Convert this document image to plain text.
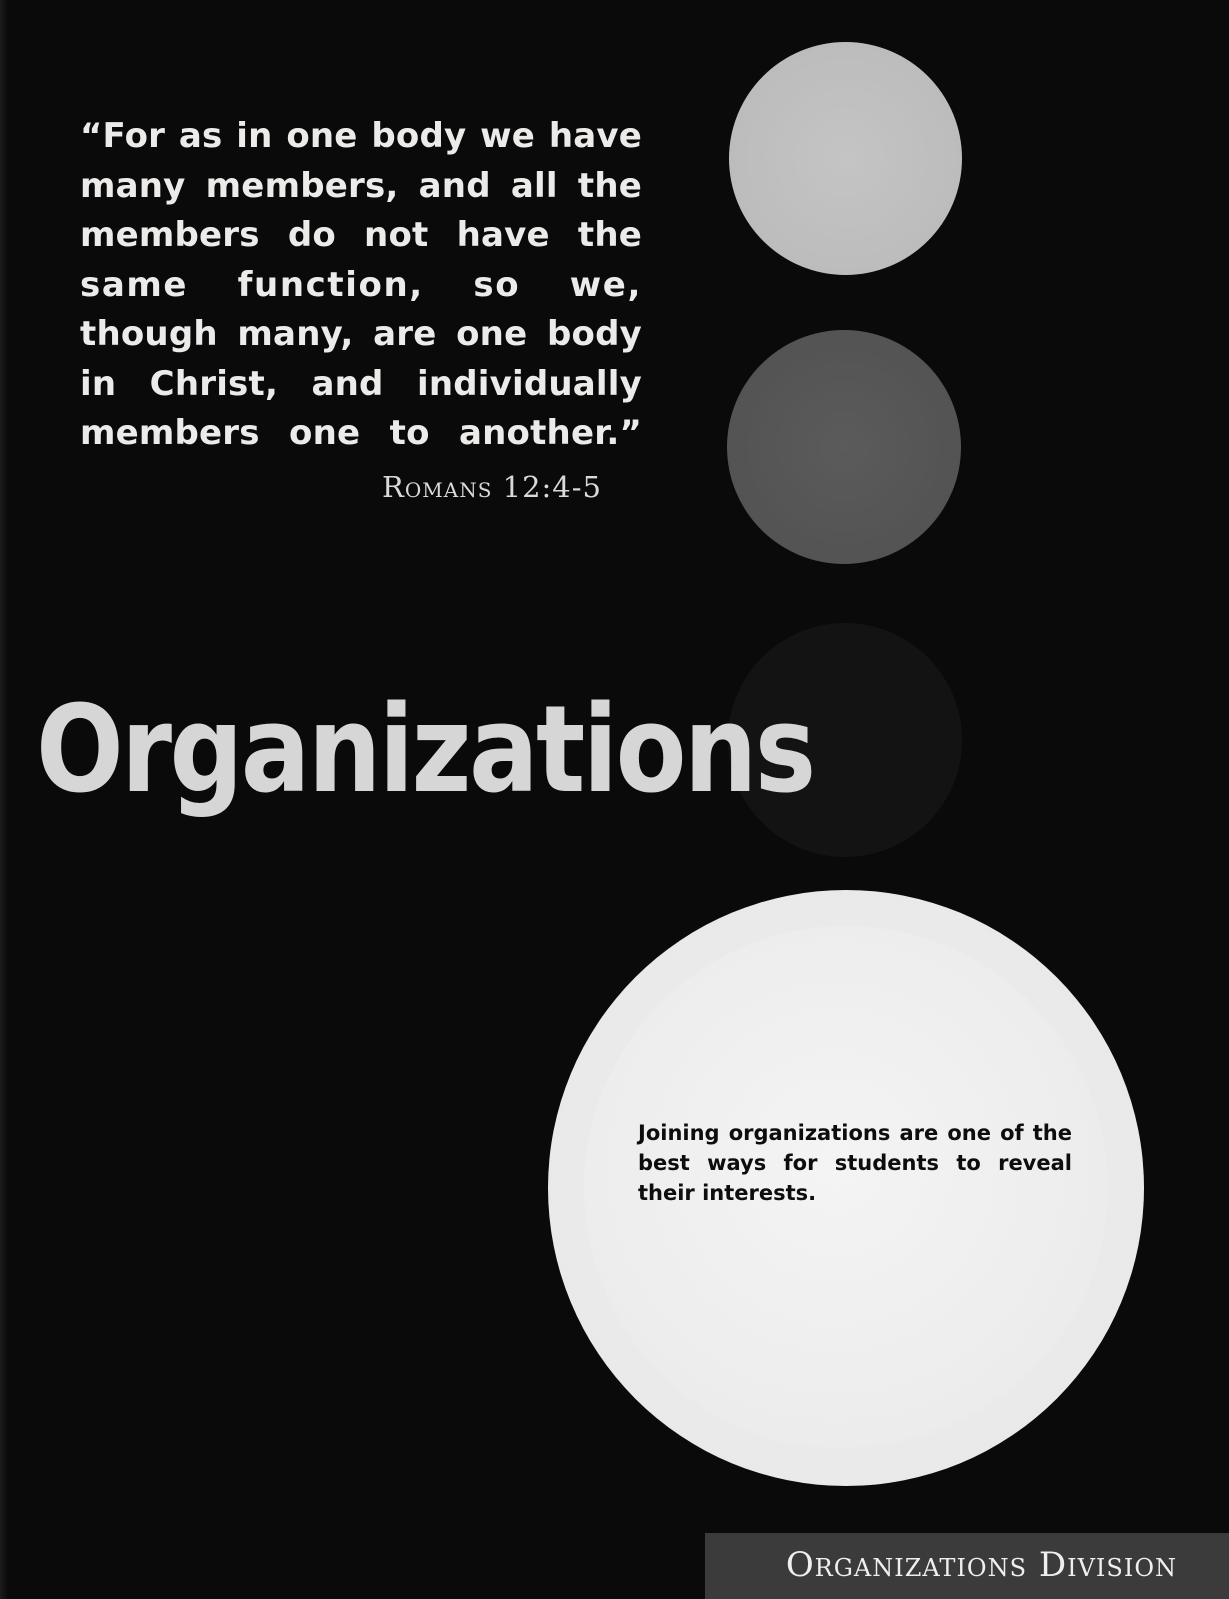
“For as in one body we have
many members, and all the
members do not have the
same function, so we,
though many, are one body
in Christ, and individually
members one to another.”

Romans 12:4-5

Organizations

Joining organizations are one of the best ways for students to reveal their interests.

Organizations Division
